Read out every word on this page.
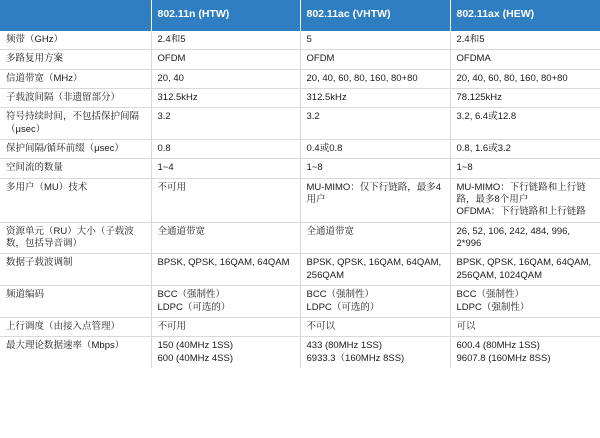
	802.11n (HTW)	802.11ac (VHTW)	802.11ax (HEW)
频带（GHz）	2.4和5	5	2.4和5

多路复用方案	OFDM	OFDM	OFDMA

信道带宽（MHz）	20, 40	20, 40, 60, 80, 160, 80+80	20, 40, 60, 80, 160, 80+80

子载波间隔（非遗留部分）	312.5kHz	312.5kHz	78.125kHz

符号持续时间，不包括保护间隔（μsec）	3.2	3.2	3.2, 6.4或12.8

保护间隔/循环前缀（μsec）	0.8	0.4或0.8	0.8, 1.6或3.2

空间流的数量	1~4	1~8	1~8

多用户（MU）技术	不可用	MU-MIMO：仅下行链路，最多4用户	MU-MIMO：下行链路和上行链路，最多8个用户
OFDMA：下行链路和上行链路

资源单元（RU）大小（子载波数，包括导音调）	全通道带宽	全通道带宽	26, 52, 106, 242, 484, 996, 2*996

数据子载波调制	BPSK, QPSK, 16QAM, 64QAM	BPSK, QPSK, 16QAM, 64QAM, 256QAM	BPSK, QPSK, 16QAM, 64QAM, 256QAM, 1024QAM

频道编码	BCC（强制性）
LDPC（可选的）	BCC（强制性）
LDPC（可选的）	BCC（强制性）
LDPC（强制性）

上行调度（由接入点管理）	不可用	不可以	可以

最大理论数据速率（Mbps）	150 (40MHz 1SS)
600 (40MHz 4SS)	433 (80MHz 1SS)
6933.3（160MHz 8SS)	600.4 (80MHz 1SS)
9607.8 (160MHz 8SS)
